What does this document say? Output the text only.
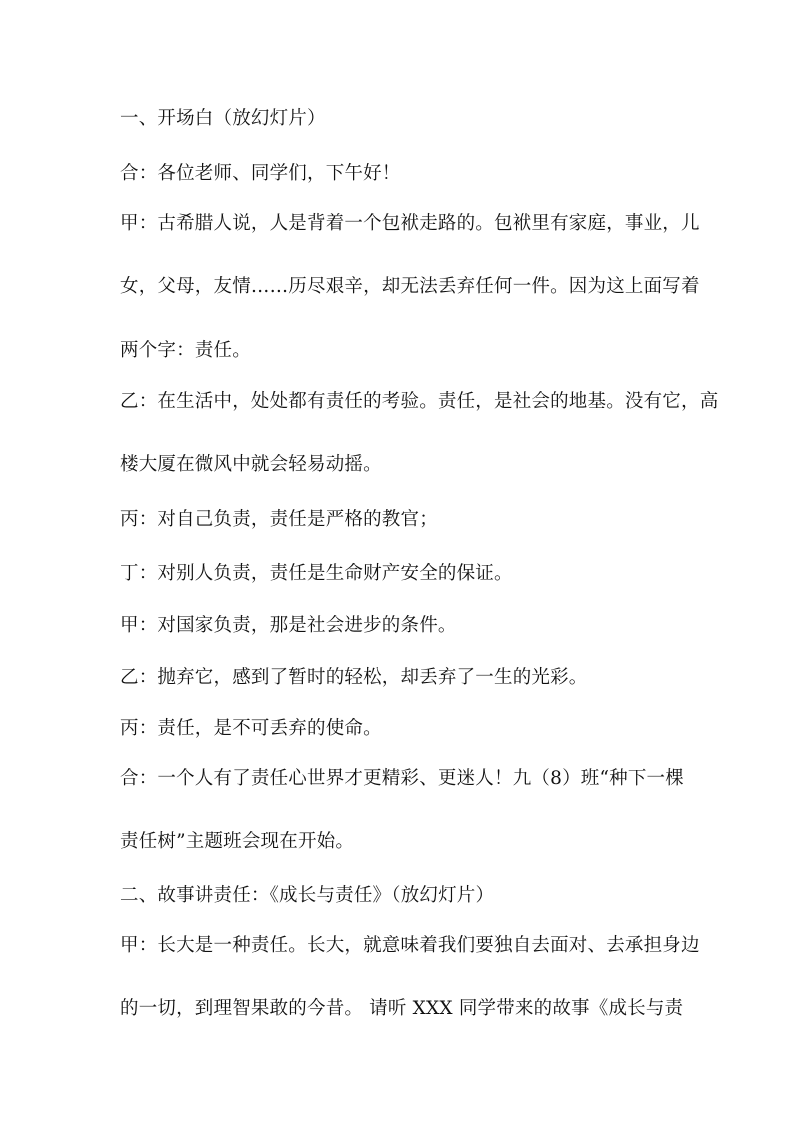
一、开场白（放幻灯片）
合：各位老师、同学们，下午好！
甲：古希腊人说，人是背着一个包袱走路的。包袱里有家庭，事业，儿
女，父母，友情……历尽艰辛，却无法丢弃任何一件。因为这上面写着
两个字：责任。
乙：在生活中，处处都有责任的考验。责任，是社会的地基。没有它，高
楼大厦在微风中就会轻易动摇。
丙：对自己负责，责任是严格的教官；
丁：对别人负责，责任是生命财产安全的保证。
甲：对国家负责，那是社会进步的条件。
乙：抛弃它，感到了暂时的轻松，却丢弃了一生的光彩。
丙：责任，是不可丢弃的使命。
合：一个人有了责任心世界才更精彩、更迷人！九（8）班“种下一棵
责任树”主题班会现在开始。
二、故事讲责任：《成长与责任》（放幻灯片）
甲：长大是一种责任。长大，就意味着我们要独自去面对、去承担身边
的一切，到理智果敢的今昔。 请听 XXX 同学带来的故事《成长与责
